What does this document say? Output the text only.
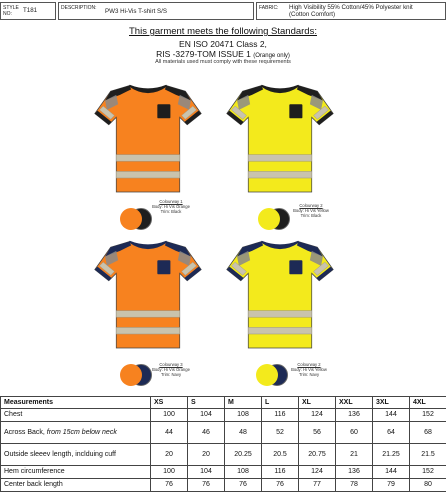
STYLE
NO:	T181	DESCRIPTION: PW3 Hi-Vis T-shirt S/S	FABRIC: High Visibility 55% Cotton/45% Polyester knit
(Cotton Comfort)
This garment meets the following Standards:
EN ISO 20471 Class 2,
RIS -3279-TOM ISSUE 1 (Orange only)
All materials used must comply with these requirements
Colourway 1
Body: Hi Vis Orange
Trim: Black
Colourway 2
Body: Hi Vis Yellow
Trim: Black
Colourway 3
Body: Hi Vis Orange
Trim: Navy
Colourway 2
Body: Hi Vis Yellow
Trim: Navy
Measurements	XS	S	M	L	XL	XXL	3XL	4XL
Chest	100	104	108	116	124	136	144	152
Across Back, from 15cm below neck	44	46	48	52	56	60	64	68
Outside sleeev length, inclduing cuff	20	20	20.25	20.5	20.75	21	21.25	21.5
Hem circumference	100	104	108	116	124	136	144	152
Center back length	76	76	76	76	77	78	79	80
